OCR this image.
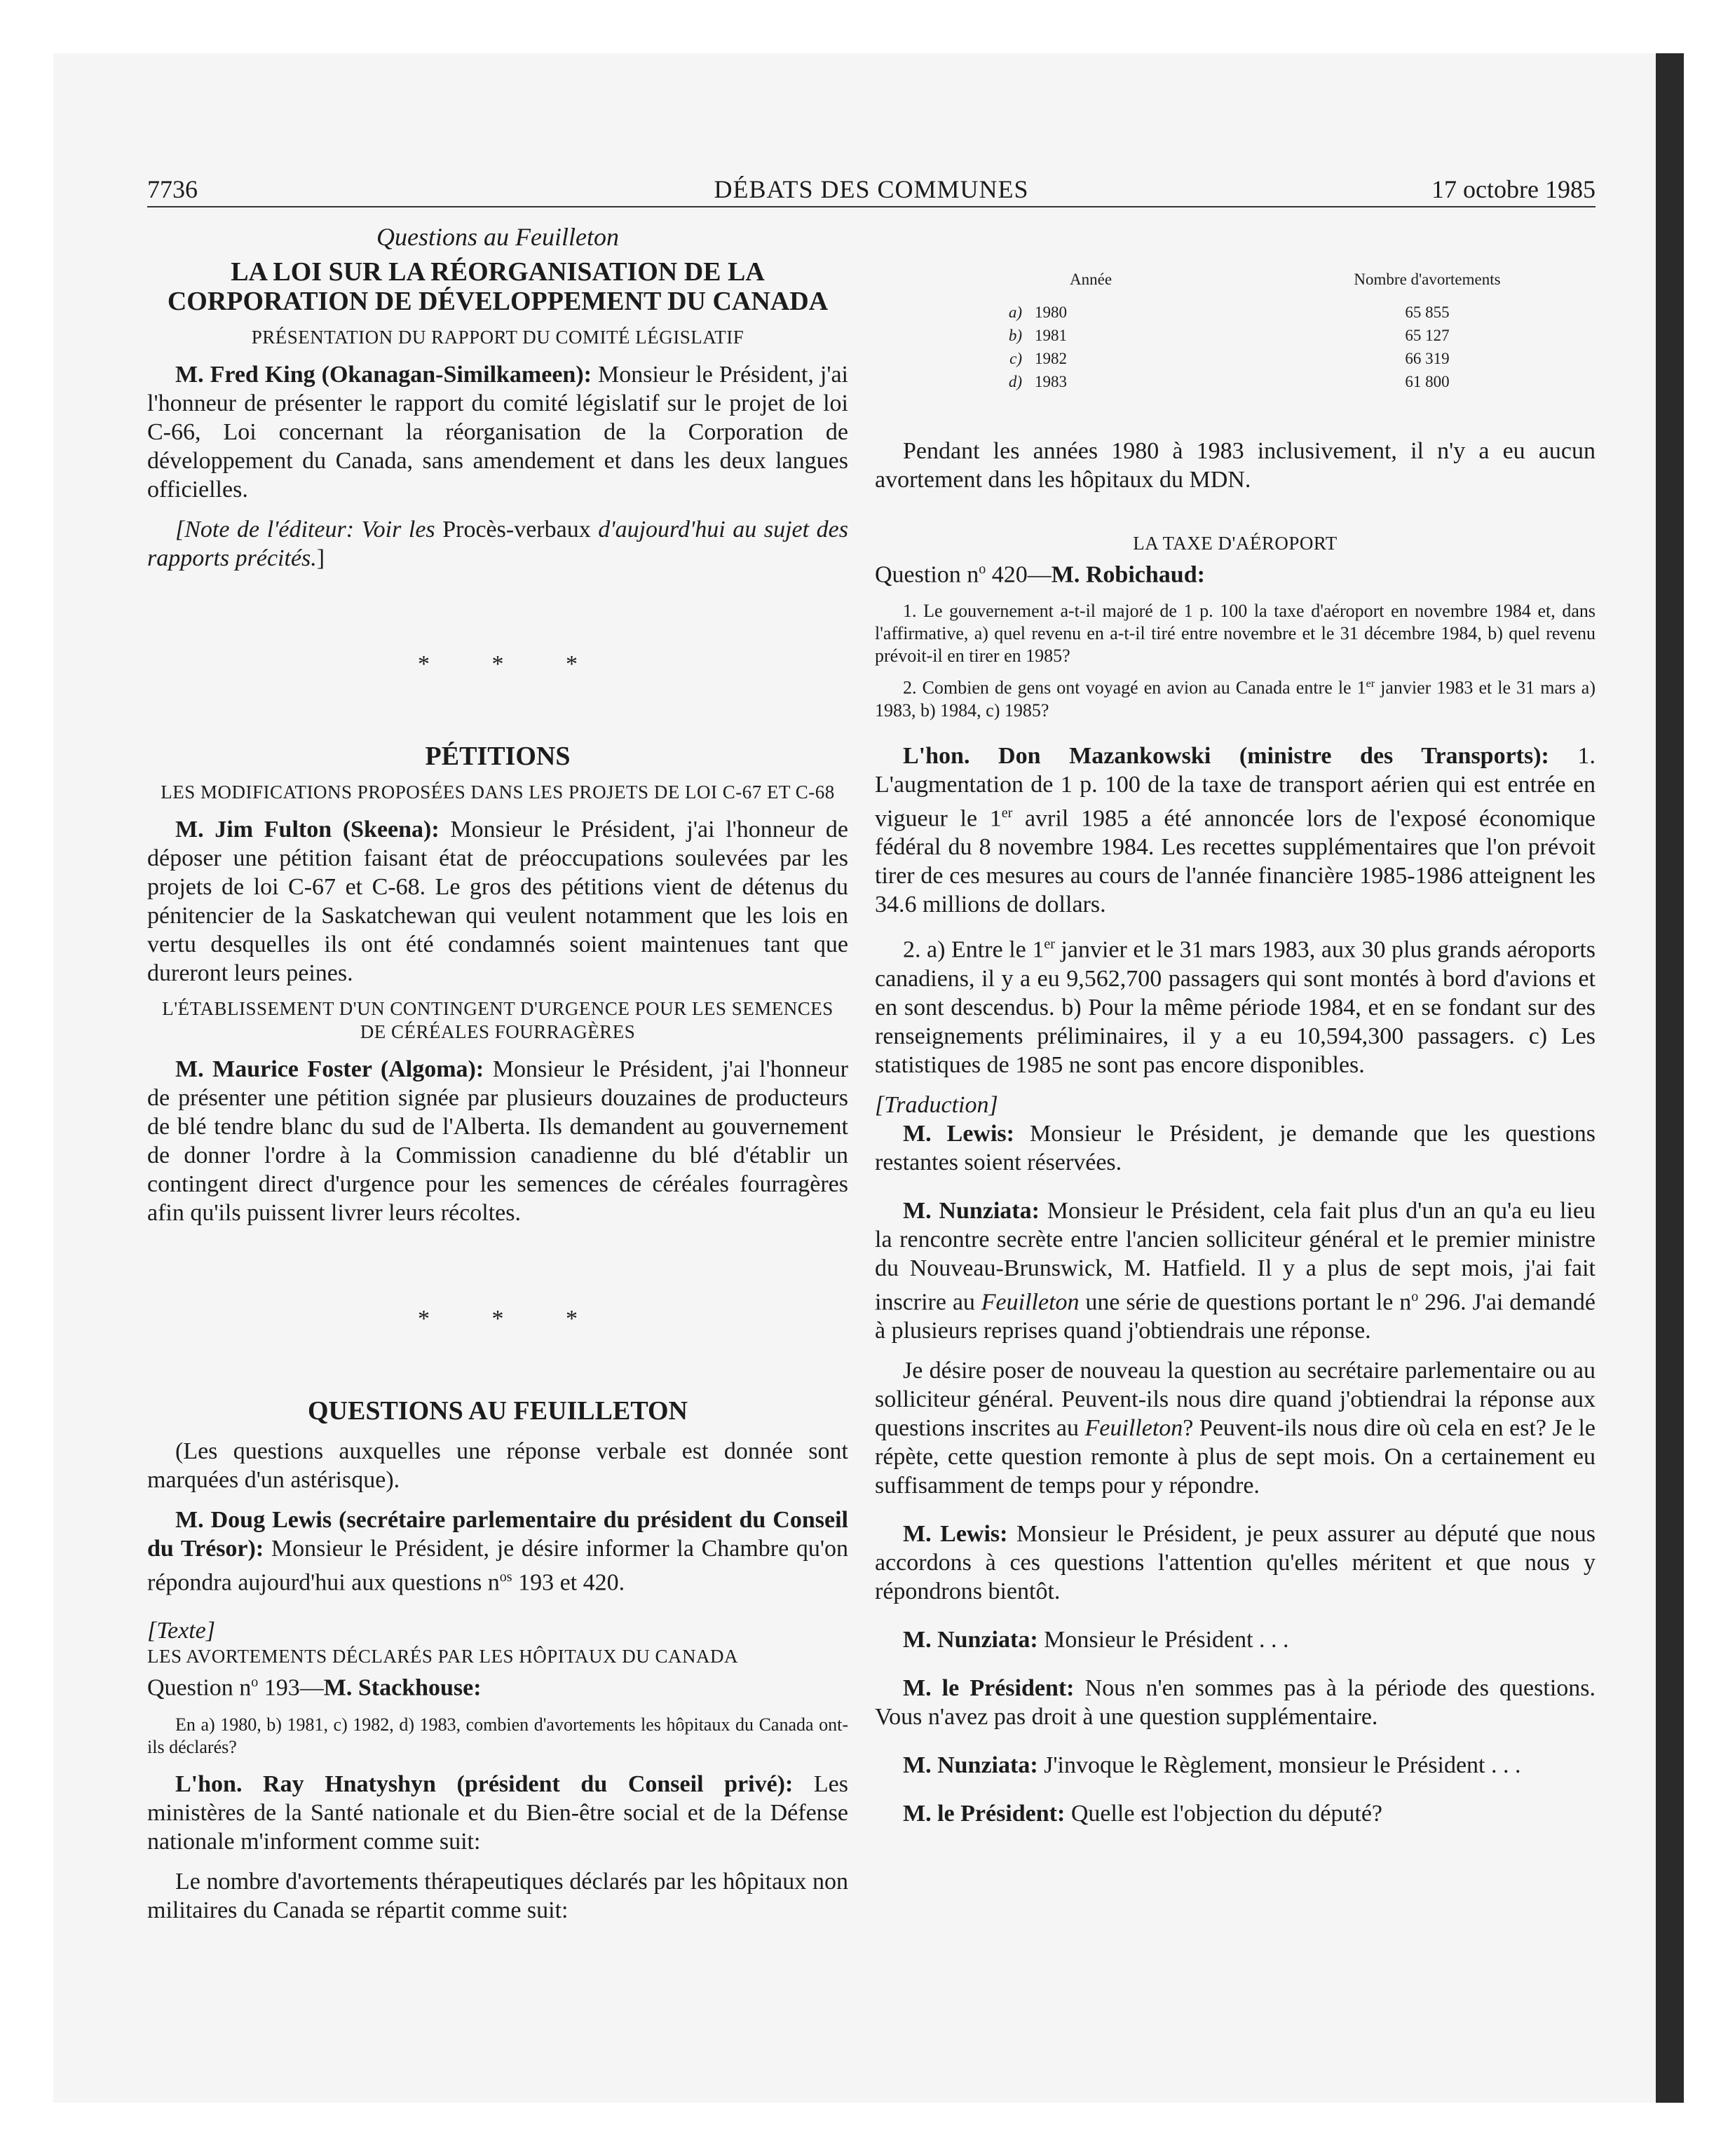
DÉBATS DES COMMUNES
7736	17 octobre 1985

Questions au Feuilleton

LA LOI SUR LA RÉORGANISATION DE LA
CORPORATION DE DÉVELOPPEMENT DU CANADA

PRÉSENTATION DU RAPPORT DU COMITÉ LÉGISLATIF

M. Fred King (Okanagan-Similkameen): Monsieur le Président, j'ai l'honneur de présenter le rapport du comité législatif sur le projet de loi C-66, Loi concernant la réorganisation de la Corporation de développement du Canada, sans amendement et dans les deux langues officielles.

[Note de l'éditeur: Voir les Procès-verbaux d'aujourd'hui au sujet des rapports précités.]

* * *
PÉTITIONS

LES MODIFICATIONS PROPOSÉES DANS LES PROJETS DE LOI C-67 ET C-68

M. Jim Fulton (Skeena): Monsieur le Président, j'ai l'honneur de déposer une pétition faisant état de préoccupations soulevées par les projets de loi C-67 et C-68. Le gros des pétitions vient de détenus du pénitencier de la Saskatchewan qui veulent notamment que les lois en vertu desquelles ils ont été condamnés soient maintenues tant que dureront leurs peines.

L'ÉTABLISSEMENT D'UN CONTINGENT D'URGENCE POUR LES SEMENCES DE CÉRÉALES FOURRAGÈRES

M. Maurice Foster (Algoma): Monsieur le Président, j'ai l'honneur de présenter une pétition signée par plusieurs douzaines de producteurs de blé tendre blanc du sud de l'Alberta. Ils demandent au gouvernement de donner l'ordre à la Commission canadienne du blé d'établir un contingent direct d'urgence pour les semences de céréales fourragères afin qu'ils puissent livrer leurs récoltes.

* * *
QUESTIONS AU FEUILLETON

(Les questions auxquelles une réponse verbale est donnée sont marquées d'un astérisque).

M. Doug Lewis (secrétaire parlementaire du président du Conseil du Trésor): Monsieur le Président, je désire informer la Chambre qu'on répondra aujourd'hui aux questions $n^{os}$ 193 et 420.

[Texte]

LES AVORTEMENTS DÉCLARÉS PAR LES HÔPITAUX DU CANADA

Question $n^o$ 193—M. Stackhouse:

En a) 1980, b) 1981, c) 1982, d) 1983, combien d'avortements les hôpitaux du Canada ont-ils déclarés?

L'hon. Ray Hnatyshyn (président du Conseil privé): Les ministères de la Santé nationale et du Bien-être social et de la Défense nationale m'informent comme suit:

Le nombre d'avortements thérapeutiques déclarés par les hôpitaux non militaires du Canada se répartit comme suit:

	Année	Nombre d'avortements

a)	1980	65 855
b)	1981	65 127
c)	1982	66 319
d)	1983	61 800

Pendant les années 1980 à 1983 inclusivement, il n'y a eu aucun avortement dans les hôpitaux du MDN.

LA TAXE D'AÉROPORT

Question $n^o$ 420—M. Robichaud:

1. Le gouvernement a-t-il majoré de 1 p. 100 la taxe d'aéroport en novembre 1984 et, dans l'affirmative, a) quel revenu en a-t-il tiré entre novembre et le 31 décembre 1984, b) quel revenu prévoit-il en tirer en 1985?

2. Combien de gens ont voyagé en avion au Canada entre le 1er janvier 1983 et le 31 mars a) 1983, b) 1984, c) 1985?

L'hon. Don Mazankowski (ministre des Transports): 1. L'augmentation de 1 p. 100 de la taxe de transport aérien qui est entrée en vigueur le 1er avril 1985 a été annoncée lors de l'exposé économique fédéral du 8 novembre 1984. Les recettes supplémentaires que l'on prévoit tirer de ces mesures au cours de l'année financière 1985-1986 atteignent les 34.6 millions de dollars.

2. a) Entre le 1er janvier et le 31 mars 1983, aux 30 plus grands aéroports canadiens, il y a eu 9,562,700 passagers qui sont montés à bord d'avions et en sont descendus. b) Pour la même période 1984, et en se fondant sur des renseignements préliminaires, il y a eu 10,594,300 passagers. c) Les statistiques de 1985 ne sont pas encore disponibles.

[Traduction]

M. Lewis: Monsieur le Président, je demande que les questions restantes soient réservées.

M. Nunziata: Monsieur le Président, cela fait plus d'un an qu'a eu lieu la rencontre secrète entre l'ancien solliciteur général et le premier ministre du Nouveau-Brunswick, M. Hatfield. Il y a plus de sept mois, j'ai fait inscrire au Feuilleton une série de questions portant le $n^o$ 296. J'ai demandé à plusieurs reprises quand j'obtiendrais une réponse.

Je désire poser de nouveau la question au secrétaire parlementaire ou au solliciteur général. Peuvent-ils nous dire quand j'obtiendrai la réponse aux questions inscrites au Feuilleton? Peuvent-ils nous dire où cela en est? Je le répète, cette question remonte à plus de sept mois. On a certainement eu suffisamment de temps pour y répondre.

M. Lewis: Monsieur le Président, je peux assurer au député que nous accordons à ces questions l'attention qu'elles méritent et que nous y répondrons bientôt.

M. Nunziata: Monsieur le Président . . .

M. le Président: Nous n'en sommes pas à la période des questions. Vous n'avez pas droit à une question supplémentaire.

M. Nunziata: J'invoque le Règlement, monsieur le Président . . .

M. le Président: Quelle est l'objection du député?
